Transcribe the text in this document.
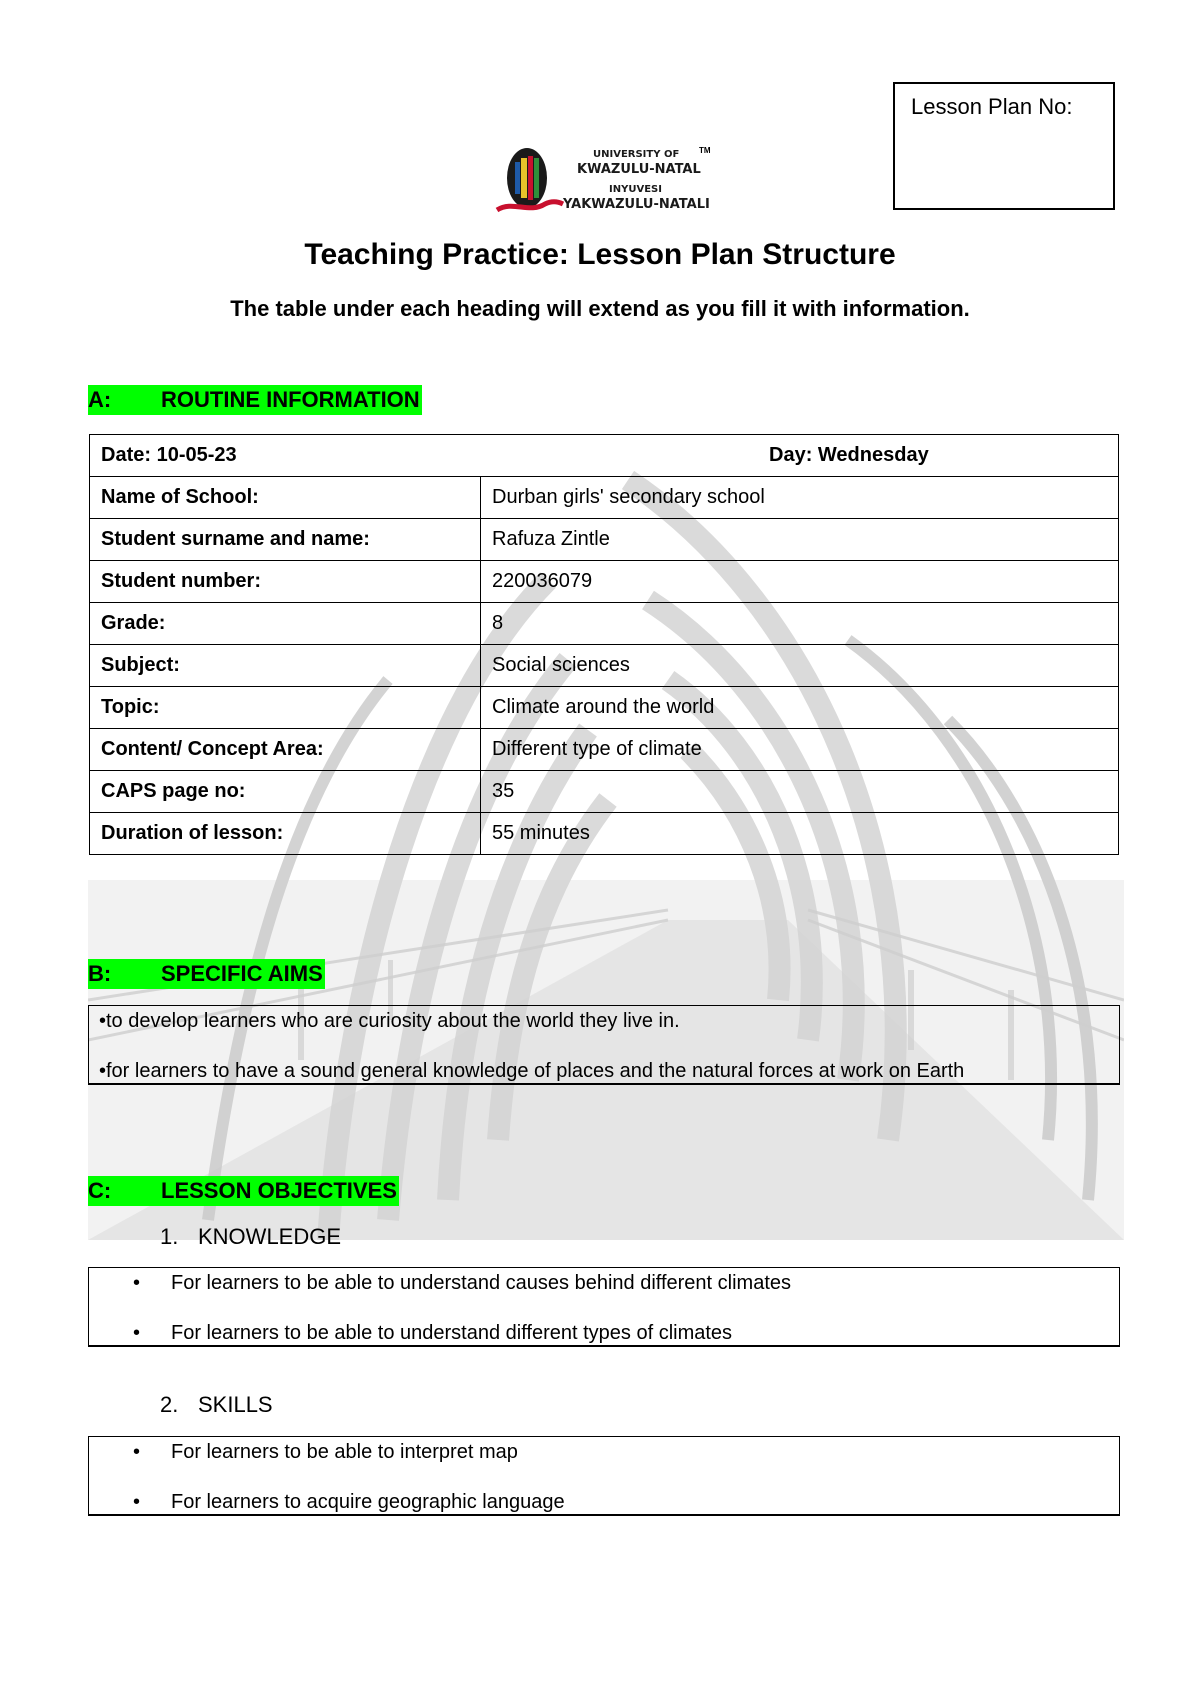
Lesson Plan No:
UNIVERSITY OF TM
KWAZULU-NATAL
INYUVESI
YAKWAZULU-NATALI
Teaching Practice: Lesson Plan Structure
The table under each heading will extend as you fill it with information.
A: ROUTINE INFORMATION
Date: 10-05-23 Day: Wednesday	

Name of School:	Durban girls' secondary school
Student surname and name:	Rafuza Zintle
Student number:	220036079
Grade:	8
Subject:	Social sciences
Topic:	Climate around the world
Content/ Concept Area:	Different type of climate
CAPS page no:	35
Duration of lesson:	55 minutes
B: SPECIFIC AIMS
•to develop learners who are curiosity about the world they live in.
•for learners to have a sound general knowledge of places and the natural forces at work on Earth
C: LESSON OBJECTIVES
1. KNOWLEDGE
• For learners to be able to understand causes behind different climates
• For learners to be able to understand different types of climates
2. SKILLS
• For learners to be able to interpret map
• For learners to acquire geographic language
